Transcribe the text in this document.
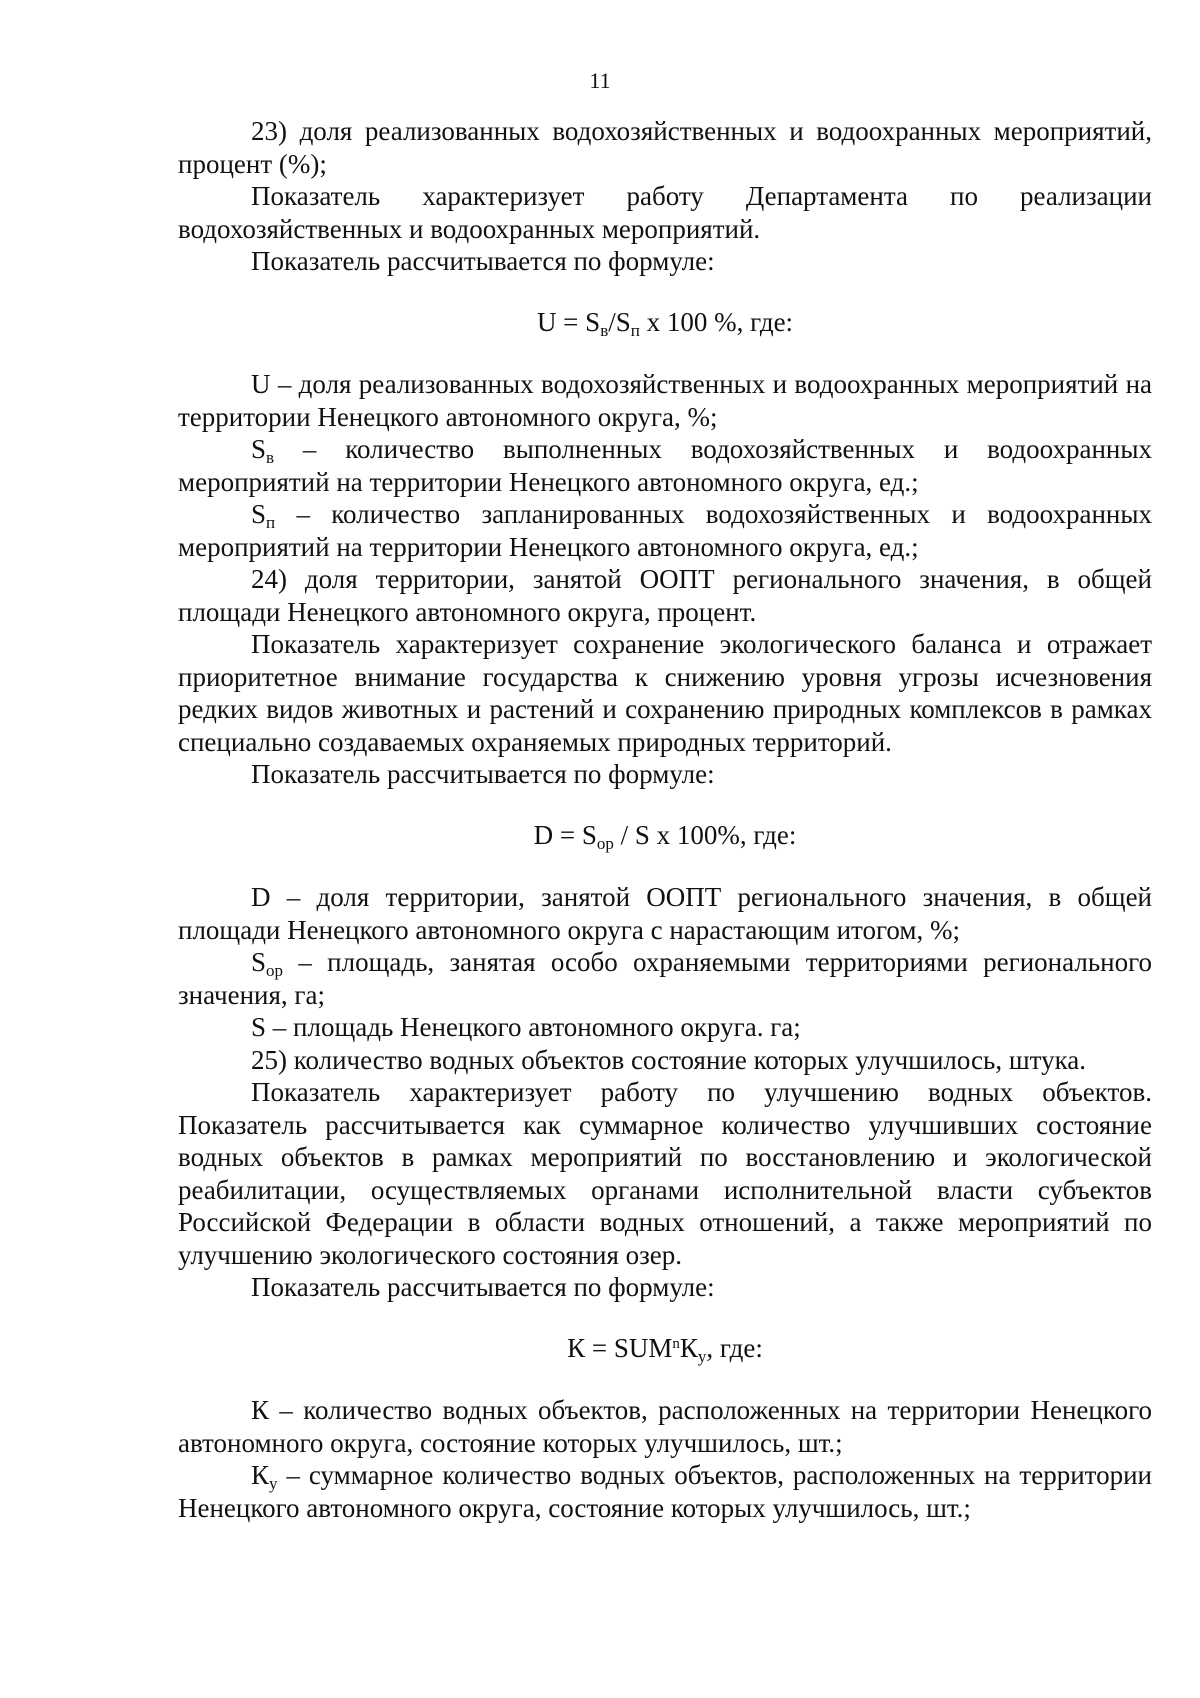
11

23) доля реализованных водохозяйственных и водоохранных мероприятий, процент (%);

Показатель характеризует работу Департамента по реализации водохозяйственных и водоохранных мероприятий.

Показатель рассчитывается по формуле:

$U = S_в/S_п$ x 100 %, где:

U – доля реализованных водохозяйственных и водоохранных мероприятий на территории Ненецкого автономного округа, %;

$S_в$ – количество выполненных водохозяйственных и водоохранных мероприятий на территории Ненецкого автономного округа, ед.;

$S_п$ – количество запланированных водохозяйственных и водоохранных мероприятий на территории Ненецкого автономного округа, ед.;

24) доля территории, занятой ООПТ регионального значения, в общей площади Ненецкого автономного округа, процент.

Показатель характеризует сохранение экологического баланса и отражает приоритетное внимание государства к снижению уровня угрозы исчезновения редких видов животных и растений и сохранению природных комплексов в рамках специально создаваемых охраняемых природных территорий.

Показатель рассчитывается по формуле:

$D = S_{ор} / S$ x 100%, где:

D – доля территории, занятой ООПТ регионального значения, в общей площади Ненецкого автономного округа с нарастающим итогом, %;

$S_{ор}$ – площадь, занятая особо охраняемыми территориями регионального значения, га;

S – площадь Ненецкого автономного округа. га;

25) количество водных объектов состояние которых улучшилось, штука.

Показатель характеризует работу по улучшению водных объектов. Показатель рассчитывается как суммарное количество улучшивших состояние водных объектов в рамках мероприятий по восстановлению и экологической реабилитации, осуществляемых органами исполнительной власти субъектов Российской Федерации в области водных отношений, а также мероприятий по улучшению экологического состояния озер.

Показатель рассчитывается по формуле:

$К = SUM^nК_у$, где:

К – количество водных объектов, расположенных на территории Ненецкого автономного округа, состояние которых улучшилось, шт.;

$К_у$ – суммарное количество водных объектов, расположенных на территории Ненецкого автономного округа, состояние которых улучшилось, шт.;
